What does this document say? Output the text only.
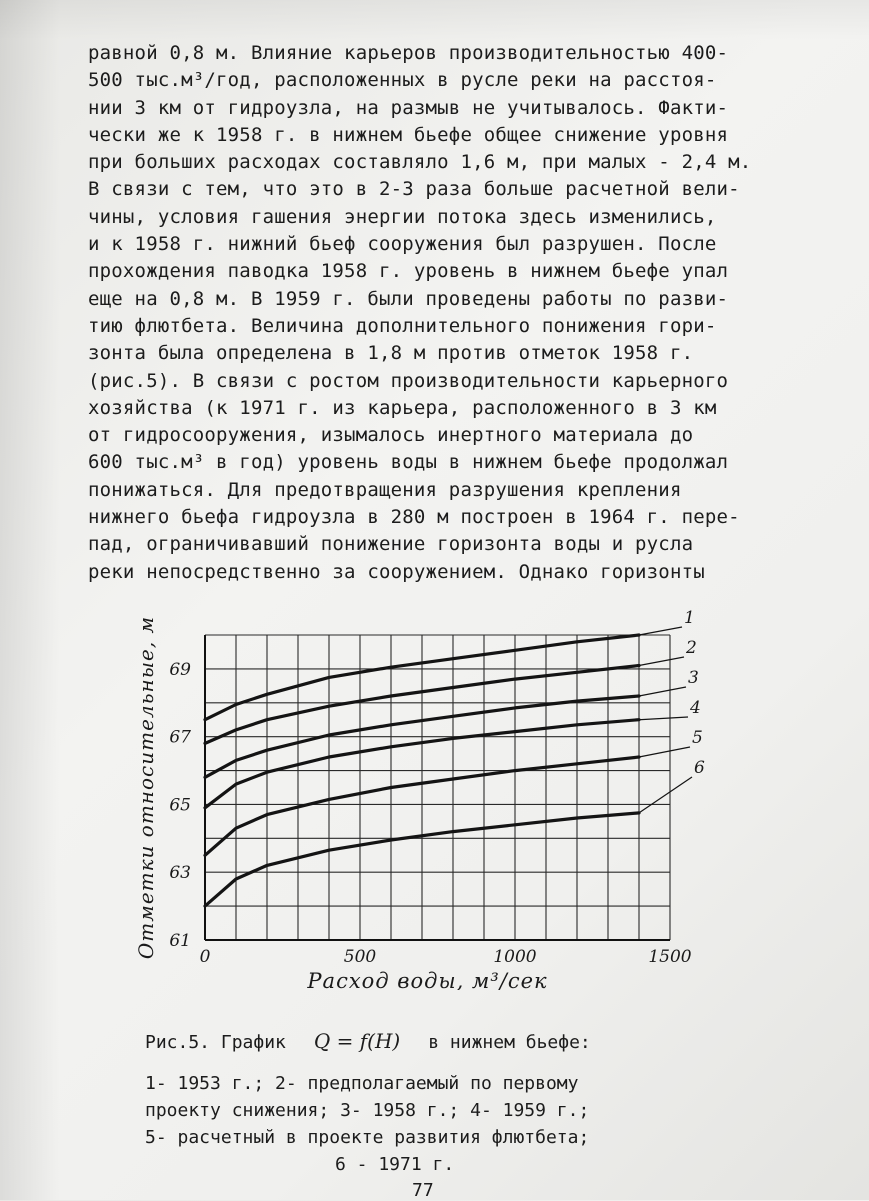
равной 0,8 м. Влияние карьеров производительностью 400-
500 тыс.м³/год, расположенных в русле реки на расстоя-
нии 3 км от гидроузла, на размыв не учитывалось. Факти-
чески же к 1958 г. в нижнем бьефе общее снижение уровня
при больших расходах составляло 1,6 м, при малых - 2,4 м.
В связи с тем, что это в 2-3 раза больше расчетной вели-
чины, условия гашения энергии потока здесь изменились,
и к 1958 г. нижний бьеф сооружения был разрушен. После
прохождения паводка 1958 г. уровень в нижнем бьефе упал
еще на 0,8 м. В 1959 г. были проведены работы по разви-
тию флютбета. Величина дополнительного понижения гори-
зонта была определена в 1,8 м против отметок 1958 г.
(рис.5). В связи с ростом производительности карьерного
хозяйства (к 1971 г. из карьера, расположенного в 3 км
от гидросооружения, изымалось инертного материала до
600 тыс.м³ в год) уровень воды в нижнем бьефе продолжал
понижаться. Для предотвращения разрушения крепления
нижнего бьефа гидроузла в 280 м построен в 1964 г. пере-
пад, ограничивавший понижение горизонта воды и русла
реки непосредственно за сооружением. Однако горизонты
0	500	1000	1500
61
63
65
67
69
Расход воды, м³/сек
Отметки относительные, м	1
2
3
4
5
6
Рис.5. График Q = f(H) в нижнем бьефе:
1- 1953 г.; 2- предполагаемый по первому
проекту снижения; 3- 1958 г.; 4- 1959 г.;
5- расчетный в проекте развития флютбета;
6 - 1971 г.
77
